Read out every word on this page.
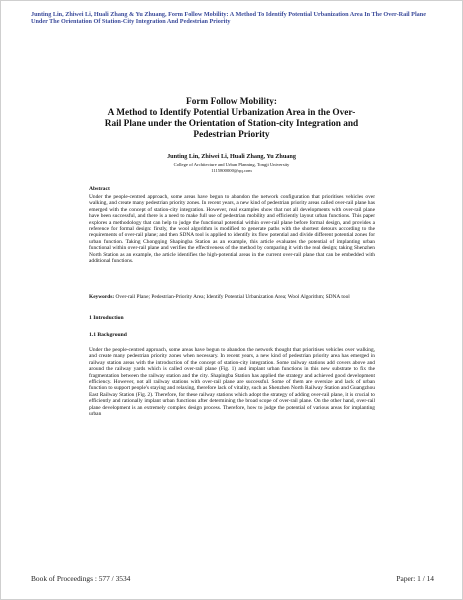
Junting Lin, Zhiwei Li, Huali Zhang & Yu Zhuang, Form Follow Mobility: A Method To Identify Potential Urbanization Area In The Over-Rail Plane Under The Orientation Of Station-City Integration And Pedestrian Priority
Form Follow Mobility:
A Method to Identify Potential Urbanization Area in the Over-
Rail Plane under the Orientation of Station-city Integration and
Pedestrian Priority
Junting Lin, Zhiwei Li, Huali Zhang, Yu Zhuang
College of Architecture and Urban Planning, Tongji University
1115800000@qq.com
Abstract

Under the people-centred approach, some areas have begun to abandon the network configuration that prioritises vehicles over walking, and create many pedestrian priority zones. In recent years, a new kind of pedestrian priority areas called over-rail plane has emerged with the concept of station-city integration. However, real examples show that not all developments with over-rail plane have been successful, and there is a need to make full use of pedestrian mobility and efficiently layout urban functions. This paper explores a methodology that can help to judge the functional potential within over-rail plane before formal design, and provides a reference for formal design: firstly, the wool algorithm is modified to generate paths with the shortest detours according to the requirements of over-rail plane; and then SDNA tool is applied to identify its flow potential and divide different potential zones for urban function. Taking Chongqing Shapingba Station as an example, this article evaluates the potential of implanting urban functional within over-rail plane and verifies the effectiveness of the method by comparing it with the real design; taking Shenzhen North Station as an example, the article identifies the high-potential areas in the current over-rail plane that can be embedded with additional functions.

Keywords: Over-rail Plane; Pedestrian-Priority Area; Identify Potential Urbanization Area; Wool Algorithm; SDNA tool

1 Introduction
1.1 Background

Under the people-centred approach, some areas have begun to abandon the network thought that prioritises vehicles over walking, and create many pedestrian priority zones when necessary. In recent years, a new kind of pedestrian priority area has emerged in railway station areas with the introduction of the concept of station-city integration. Some railway stations add covers above and around the railway yards which is called over-rail plane (Fig. 1) and implant urban functions in this new substrate to fix the fragmentation between the railway station and the city. Shapingba Station has applied the strategy and achieved good development efficiency. However, not all railway stations with over-rail plane are successful. Some of them are oversize and lack of urban function to support people's staying and relaxing, therefore lack of vitality, such as Shenzhen North Railway Station and Guangzhou East Railway Station (Fig. 2). Therefore, for these railway stations which adopt the strategy of adding over-rail plane, it is crucial to efficiently and rationally implant urban functions after determining the broad scope of over-rail plane. On the other hand, over-rail plane development is an extremely complex design process. Therefore, how to judge the potential of various areas for implanting urban

Book of Proceedings : 577 / 3534	Paper: 1 / 14
